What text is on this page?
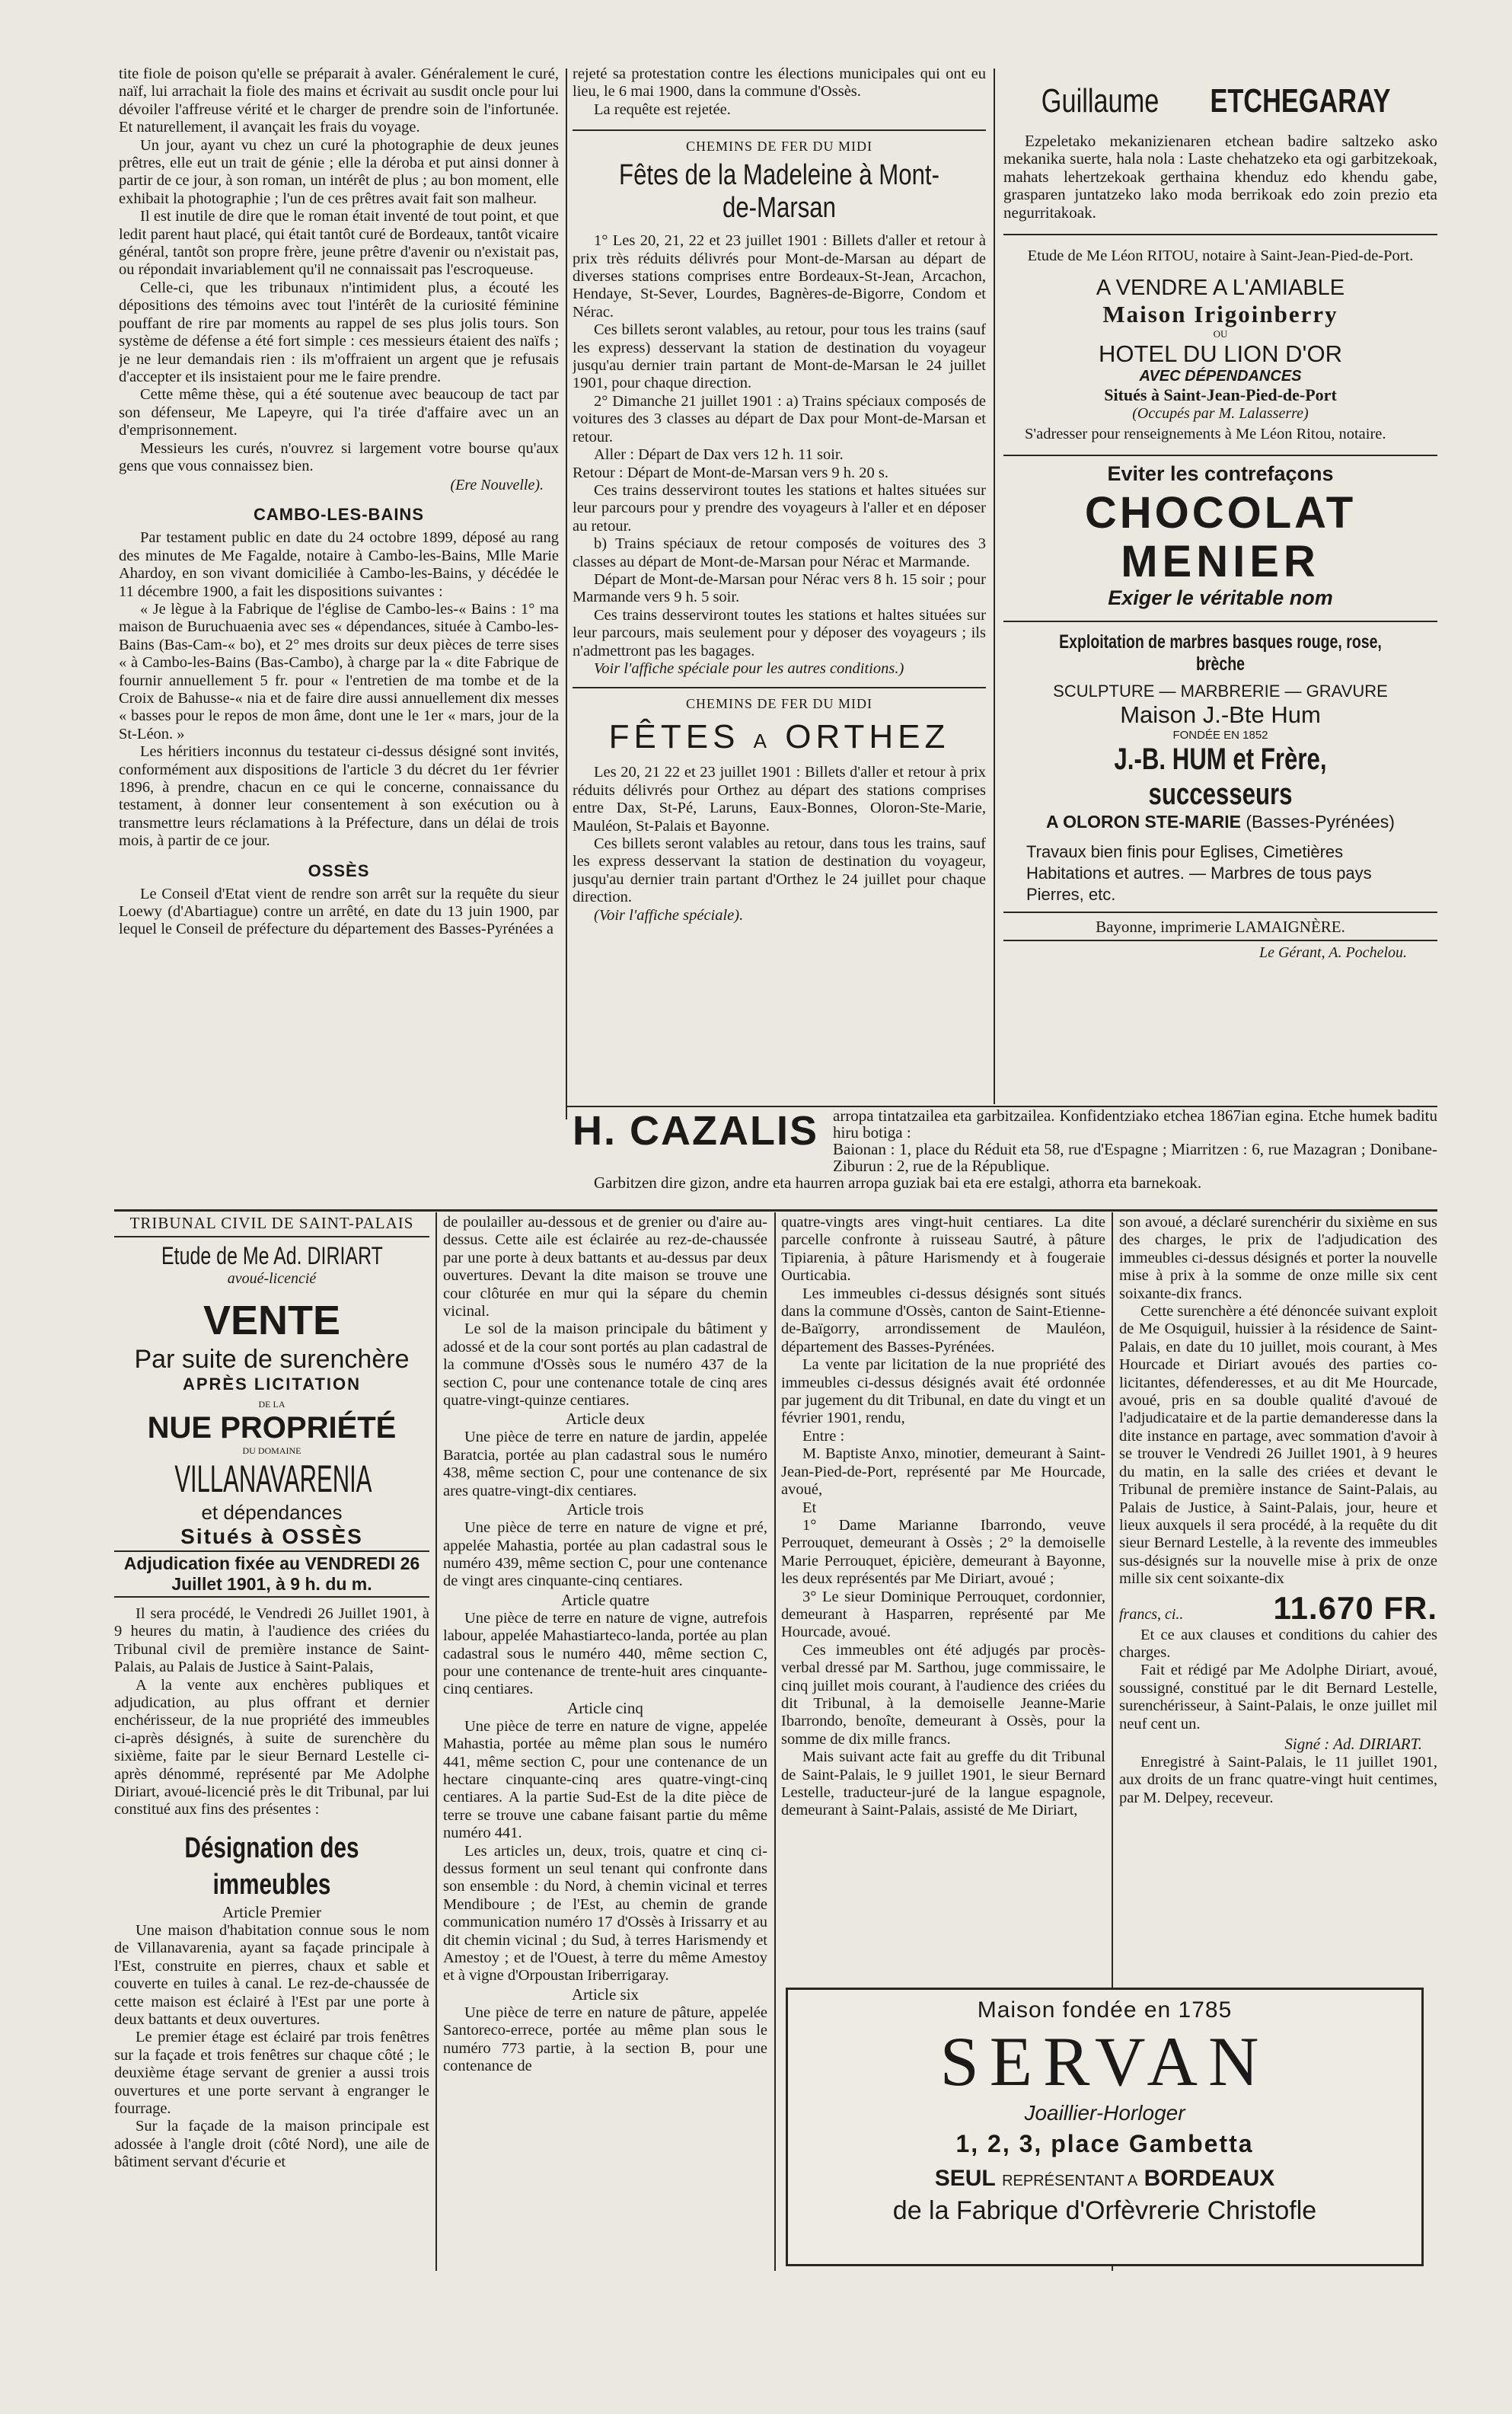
tite fiole de poison qu'elle se préparait à avaler. Généralement le curé, naïf, lui arrachait la fiole des mains et écrivait au susdit oncle pour lui dévoiler l'affreuse vérité et le charger de prendre soin de l'infortunée. Et naturellement, il avançait les frais du voyage.

Un jour, ayant vu chez un curé la photographie de deux jeunes prêtres, elle eut un trait de génie ; elle la déroba et put ainsi donner à partir de ce jour, à son roman, un intérêt de plus ; au bon moment, elle exhibait la photographie ; l'un de ces prêtres avait fait son malheur.

Il est inutile de dire que le roman était inventé de tout point, et que ledit parent haut placé, qui était tantôt curé de Bordeaux, tantôt vicaire général, tantôt son propre frère, jeune prêtre d'avenir ou n'existait pas, ou répondait invariablement qu'il ne connaissait pas l'escroqueuse.

Celle-ci, que les tribunaux n'intimident plus, a écouté les dépositions des témoins avec tout l'intérêt de la curiosité féminine pouffant de rire par moments au rappel de ses plus jolis tours. Son système de défense a été fort simple : ces messieurs étaient des naïfs ; je ne leur demandais rien : ils m'offraient un argent que je refusais d'accepter et ils insistaient pour me le faire prendre.

Cette même thèse, qui a été soutenue avec beaucoup de tact par son défenseur, Me Lapeyre, qui l'a tirée d'affaire avec un an d'emprisonnement.

Messieurs les curés, n'ouvrez si largement votre bourse qu'aux gens que vous connaissez bien.

(Ere Nouvelle).
CAMBO-LES-BAINS

Par testament public en date du 24 octobre 1899, déposé au rang des minutes de Me Fagalde, notaire à Cambo-les-Bains, Mlle Marie Ahardoy, en son vivant domiciliée à Cambo-les-Bains, y décédée le 11 décembre 1900, a fait les dispositions suivantes :

« Je lègue à la Fabrique de l'église de Cambo-les-« Bains : 1° ma maison de Buruchuaenia avec ses « dépendances, située à Cambo-les-Bains (Bas-Cam-« bo), et 2° mes droits sur deux pièces de terre sises « à Cambo-les-Bains (Bas-Cambo), à charge par la « dite Fabrique de fournir annuellement 5 fr. pour « l'entretien de ma tombe et de la Croix de Bahusse-« nia et de faire dire aussi annuellement dix messes « basses pour le repos de mon âme, dont une le 1er « mars, jour de la St-Léon. »

Les héritiers inconnus du testateur ci-dessus désigné sont invités, conformément aux dispositions de l'article 3 du décret du 1er février 1896, à prendre, chacun en ce qui le concerne, connaissance du testament, à donner leur consentement à son exécution ou à transmettre leurs réclamations à la Préfecture, dans un délai de trois mois, à partir de ce jour.

OSSÈS

Le Conseil d'Etat vient de rendre son arrêt sur la requête du sieur Loewy (d'Abartiague) contre un arrêté, en date du 13 juin 1900, par lequel le Conseil de préfecture du département des Basses-Pyrénées a

rejeté sa protestation contre les élections municipales qui ont eu lieu, le 6 mai 1900, dans la commune d'Ossès.

La requête est rejetée.

CHEMINS DE FER DU MIDI
Fêtes de la Madeleine à Mont-de-Marsan

1° Les 20, 21, 22 et 23 juillet 1901 : Billets d'aller et retour à prix très réduits délivrés pour Mont-de-Marsan au départ de diverses stations comprises entre Bordeaux-St-Jean, Arcachon, Hendaye, St-Sever, Lourdes, Bagnères-de-Bigorre, Condom et Nérac.

Ces billets seront valables, au retour, pour tous les trains (sauf les express) desservant la station de destination du voyageur jusqu'au dernier train partant de Mont-de-Marsan le 24 juillet 1901, pour chaque direction.

2° Dimanche 21 juillet 1901 : a) Trains spéciaux composés de voitures des 3 classes au départ de Dax pour Mont-de-Marsan et retour.

Aller : Départ de Dax vers 12 h. 11 soir.

Retour : Départ de Mont-de-Marsan vers 9 h. 20 s.

Ces trains desserviront toutes les stations et haltes situées sur leur parcours pour y prendre des voyageurs à l'aller et en déposer au retour.

b) Trains spéciaux de retour composés de voitures des 3 classes au départ de Mont-de-Marsan pour Nérac et Marmande.

Départ de Mont-de-Marsan pour Nérac vers 8 h. 15 soir ; pour Marmande vers 9 h. 5 soir.

Ces trains desserviront toutes les stations et haltes situées sur leur parcours, mais seulement pour y déposer des voyageurs ; ils n'admettront pas les bagages.

Voir l'affiche spéciale pour les autres conditions.)

CHEMINS DE FER DU MIDI
FÊTES A ORTHEZ

Les 20, 21 22 et 23 juillet 1901 : Billets d'aller et retour à prix réduits délivrés pour Orthez au départ des stations comprises entre Dax, St-Pé, Laruns, Eaux-Bonnes, Oloron-Ste-Marie, Mauléon, St-Palais et Bayonne.

Ces billets seront valables au retour, dans tous les trains, sauf les express desservant la station de destination du voyageur, jusqu'au dernier train partant d'Orthez le 24 juillet pour chaque direction.

(Voir l'affiche spéciale).

Guillaume ETCHEGARAY

Ezpeletako mekanizienaren etchean badire saltzeko asko mekanika suerte, hala nola : Laste chehatzeko eta ogi garbitzekoak, mahats lehertzekoak gerthaina khenduz edo khendu gabe, grasparen juntatzeko lako moda berrikoak edo zoin prezio eta negurritakoak.

Etude de Me Léon RITOU, notaire à Saint-Jean-Pied-de-Port.

A VENDRE A L'AMIABLE
Maison Irigoinberry
OU
HOTEL DU LION D'OR
AVEC DÉPENDANCES
Situés à Saint-Jean-Pied-de-Port
(Occupés par M. Lalasserre)

S'adresser pour renseignements à Me Léon Ritou, notaire.

Eviter les contrefaçons
CHOCOLAT
MENIER
Exiger le véritable nom
Exploitation de marbres basques rouge, rose, brèche
SCULPTURE — MARBRERIE — GRAVURE
Maison J.-Bte Hum
FONDÉE EN 1852
J.-B. HUM et Frère, successeurs
A OLORON STE-MARIE (Basses-Pyrénées)

Travaux bien finis pour Eglises, Cimetières Habitations et autres. — Marbres de tous pays Pierres, etc.

Bayonne, imprimerie LAMAIGNÈRE.
Le Gérant, A. Pochelou.
H. CAZALIS arropa tintatzailea eta garbitzailea. Konfidentziako etchea 1867ian egina. Etche humek baditu hiru botiga :

Baionan : 1, place du Réduit eta 58, rue d'Espagne ; Miarritzen : 6, rue Mazagran ; Donibane-Ziburun : 2, rue de la République.

Garbitzen dire gizon, andre eta haurren arropa guziak bai eta ere estalgi, athorra eta barnekoak.

TRIBUNAL CIVIL DE SAINT-PALAIS
Etude de Me Ad. DIRIART
avoué-licencié
VENTE
Par suite de surenchère
APRÈS LICITATION
DE LA
NUE PROPRIÉTÉ
DU DOMAINE
VILLANAVARENIA
et dépendances
Situés à OSSÈS
Adjudication fixée au VENDREDI 26 Juillet 1901, à 9 h. du m.

Il sera procédé, le Vendredi 26 Juillet 1901, à 9 heures du matin, à l'audience des criées du Tribunal civil de première instance de Saint-Palais, au Palais de Justice à Saint-Palais,

A la vente aux enchères publiques et adjudication, au plus offrant et dernier enchérisseur, de la nue propriété des immeubles ci-après désignés, à suite de surenchère du sixième, faite par le sieur Bernard Lestelle ci-après dénommé, représenté par Me Adolphe Diriart, avoué-licencié près le dit Tribunal, par lui constitué aux fins des présentes :

Désignation des immeubles
Article Premier

Une maison d'habitation connue sous le nom de Villanavarenia, ayant sa façade principale à l'Est, construite en pierres, chaux et sable et couverte en tuiles à canal. Le rez-de-chaussée de cette maison est éclairé à l'Est par une porte à deux battants et deux ouvertures.

Le premier étage est éclairé par trois fenêtres sur la façade et trois fenêtres sur chaque côté ; le deuxième étage servant de grenier a aussi trois ouvertures et une porte servant à engranger le fourrage.

Sur la façade de la maison principale est adossée à l'angle droit (côté Nord), une aile de bâtiment servant d'écurie et

de poulailler au-dessous et de grenier ou d'aire au-dessus. Cette aile est éclairée au rez-de-chaussée par une porte à deux battants et au-dessus par deux ouvertures. Devant la dite maison se trouve une cour clôturée en mur qui la sépare du chemin vicinal.

Le sol de la maison principale du bâtiment y adossé et de la cour sont portés au plan cadastral de la commune d'Ossès sous le numéro 437 de la section C, pour une contenance totale de cinq ares quatre-vingt-quinze centiares.

Article deux

Une pièce de terre en nature de jardin, appelée Baratcia, portée au plan cadastral sous le numéro 438, même section C, pour une contenance de six ares quatre-vingt-dix centiares.

Article trois

Une pièce de terre en nature de vigne et pré, appelée Mahastia, portée au plan cadastral sous le numéro 439, même section C, pour une contenance de vingt ares cinquante-cinq centiares.

Article quatre

Une pièce de terre en nature de vigne, autrefois labour, appelée Mahastiarteco-landa, portée au plan cadastral sous le numéro 440, même section C, pour une contenance de trente-huit ares cinquante-cinq centiares.

Article cinq

Une pièce de terre en nature de vigne, appelée Mahastia, portée au même plan sous le numéro 441, même section C, pour une contenance de un hectare cinquante-cinq ares quatre-vingt-cinq centiares. A la partie Sud-Est de la dite pièce de terre se trouve une cabane faisant partie du même numéro 441.

Les articles un, deux, trois, quatre et cinq ci-dessus forment un seul tenant qui confronte dans son ensemble : du Nord, à chemin vicinal et terres Mendiboure ; de l'Est, au chemin de grande communication numéro 17 d'Ossès à Irissarry et au dit chemin vicinal ; du Sud, à terres Harismendy et Amestoy ; et de l'Ouest, à terre du même Amestoy et à vigne d'Orpoustan Iriberrigaray.

Article six

Une pièce de terre en nature de pâture, appelée Santoreco-errece, portée au même plan sous le numéro 773 partie, à la section B, pour une contenance de

quatre-vingts ares vingt-huit centiares. La dite parcelle confronte à ruisseau Sautré, à pâture Tipiarenia, à pâture Harismendy et à fougeraie Ourticabia.

Les immeubles ci-dessus désignés sont situés dans la commune d'Ossès, canton de Saint-Etienne-de-Baïgorry, arrondissement de Mauléon, département des Basses-Pyrénées.

La vente par licitation de la nue propriété des immeubles ci-dessus désignés avait été ordonnée par jugement du dit Tribunal, en date du vingt et un février 1901, rendu,

Entre :

M. Baptiste Anxo, minotier, demeurant à Saint-Jean-Pied-de-Port, représenté par Me Hourcade, avoué,

Et

1° Dame Marianne Ibarrondo, veuve Perrouquet, demeurant à Ossès ; 2° la demoiselle Marie Perrouquet, épicière, demeurant à Bayonne, les deux représentés par Me Diriart, avoué ;

3° Le sieur Dominique Perrouquet, cordonnier, demeurant à Hasparren, représenté par Me Hourcade, avoué.

Ces immeubles ont été adjugés par procès-verbal dressé par M. Sarthou, juge commissaire, le cinq juillet mois courant, à l'audience des criées du dit Tribunal, à la demoiselle Jeanne-Marie Ibarrondo, benoîte, demeurant à Ossès, pour la somme de dix mille francs.

Mais suivant acte fait au greffe du dit Tribunal de Saint-Palais, le 9 juillet 1901, le sieur Bernard Lestelle, traducteur-juré de la langue espagnole, demeurant à Saint-Palais, assisté de Me Diriart,

son avoué, a déclaré surenchérir du sixième en sus des charges, le prix de l'adjudication des immeubles ci-dessus désignés et porter la nouvelle mise à prix à la somme de onze mille six cent soixante-dix francs.

Cette surenchère a été dénoncée suivant exploit de Me Osquiguil, huissier à la résidence de Saint-Palais, en date du 10 juillet, mois courant, à Mes Hourcade et Diriart avoués des parties co-licitantes, défenderesses, et au dit Me Hourcade, avoué, pris en sa double qualité d'avoué de l'adjudicataire et de la partie demanderesse dans la dite instance en partage, avec sommation d'avoir à se trouver le Vendredi 26 Juillet 1901, à 9 heures du matin, en la salle des criées et devant le Tribunal de première instance de Saint-Palais, au Palais de Justice, à Saint-Palais, jour, heure et lieux auxquels il sera procédé, à la requête du dit sieur Bernard Lestelle, à la revente des immeubles sus-désignés sur la nouvelle mise à prix de onze mille six cent soixante-dix

francs, ci..	11.670 FR.

Et ce aux clauses et conditions du cahier des charges.

Fait et rédigé par Me Adolphe Diriart, avoué, soussigné, constitué par le dit Bernard Lestelle, surenchérisseur, à Saint-Palais, le onze juillet mil neuf cent un.

Signé : Ad. DIRIART.

Enregistré à Saint-Palais, le 11 juillet 1901, aux droits de un franc quatre-vingt huit centimes, par M. Delpey, receveur.

Maison fondée en 1785
SERVAN
Joaillier-Horloger
1, 2, 3, place Gambetta
SEUL REPRÉSENTANT A BORDEAUX
de la Fabrique d'Orfèvrerie Christofle
